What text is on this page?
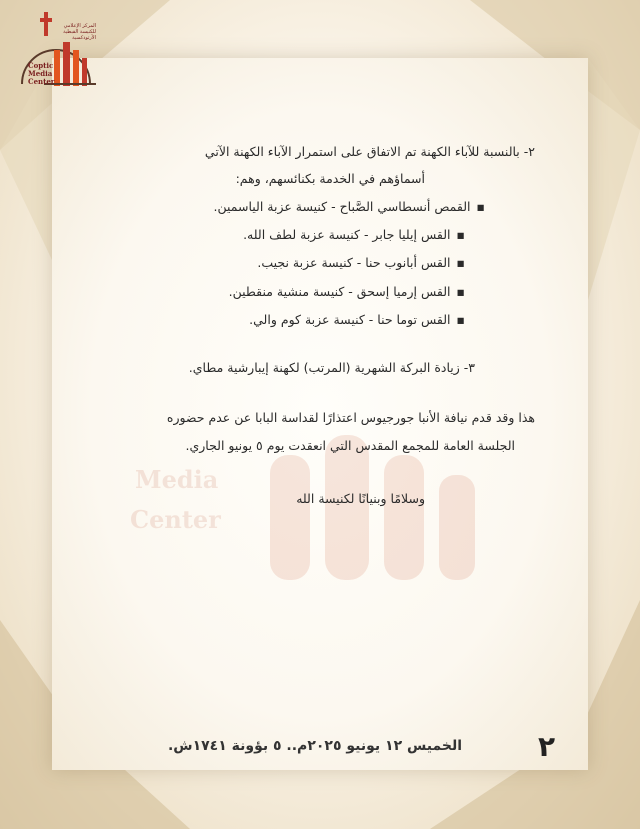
Media
Center
المركز الإعلامي للكنيسة القبطية الأرثوذكسية
Coptic
Media
Center
٢- بالنسبة للآباء الكهنة تم الاتفاق على استمرار الآباء الكهنة الآتي
أسماؤهم في الخدمة بكنائسهم، وهم:
▪ القمص أنسطاسي الصَّباح - كنيسة عزبة الياسمين.
▪ القس إيليا جابر - كنيسة عزبة لطف الله.
▪ القس أبانوب حنا - كنيسة عزبة نجيب.
▪ القس إرميا إسحق - كنيسة منشية منقطين.
▪ القس توما حنا - كنيسة عزبة كوم والي.
٣- زيادة البركة الشهرية (المرتب) لكهنة إيبارشية مطاي.
هذا وقد قدم نيافة الأنبا جورجيوس اعتذارًا لقداسة البابا عن عدم حضوره
الجلسة العامة للمجمع المقدس التي انعقدت يوم ٥ يونيو الجاري.
وسلامًا وبنيانًا لكنيسة الله
الخميس ١٢ يونيو ٢٠٢٥م.. ٥ بؤونة ١٧٤١ش.	٢
